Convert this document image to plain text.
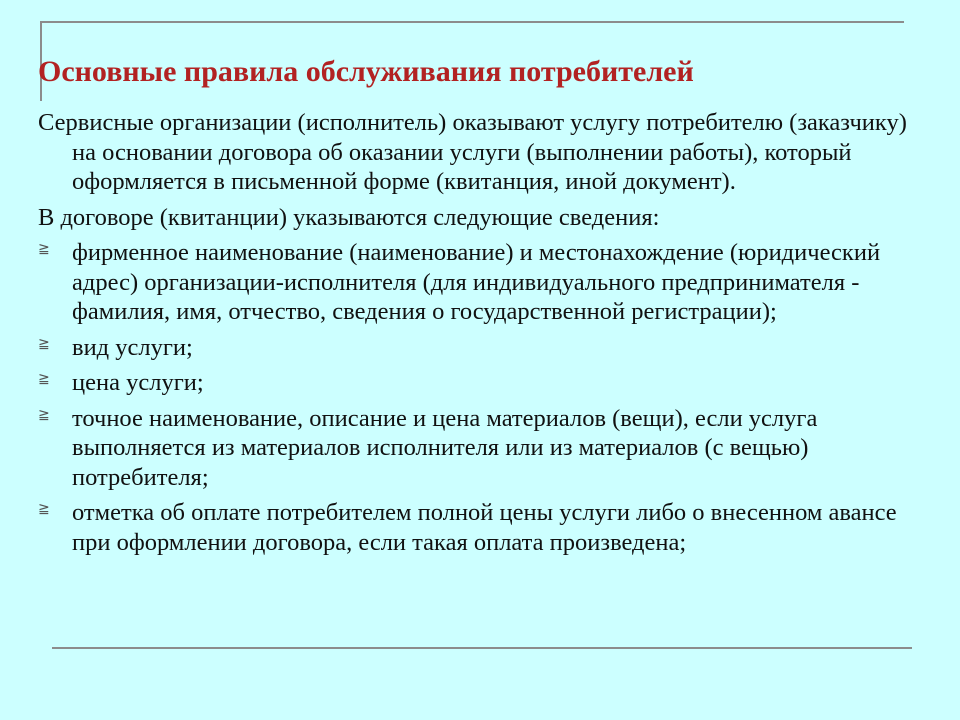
Основные правила обслуживания потребителей

Сервисные организации (исполнитель) оказывают услугу потребителю (заказчику) на основании договора об оказании услуги (выполнении работы), который оформляется в письменной форме (квитанция, иной документ).

В договоре (квитанции) указываются следующие сведения:

≧ фирменное наименование (наименование) и местонахождение (юридический адрес) организации-исполнителя (для индивидуального предпринимателя - фамилия, имя, отчество, сведения о государственной регистрации);
≧ вид услуги;
≧ цена услуги;
≧ точное наименование, описание и цена материалов (вещи), если услуга выполняется из материалов исполнителя или из материалов (с вещью) потребителя;
≧ отметка об оплате потребителем полной цены услуги либо о внесенном авансе при оформлении договора, если такая оплата произведена;
